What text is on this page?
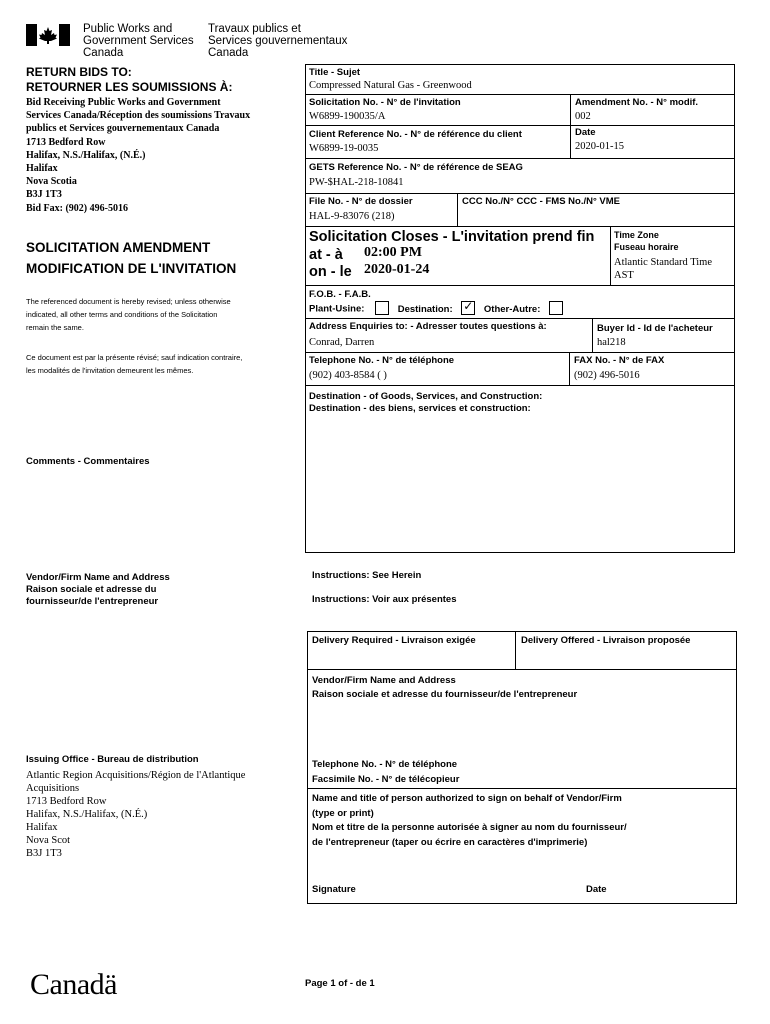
Public Works and
Government Services
Canada
Travaux publics et
Services gouvernementaux
Canada
RETURN BIDS TO:
RETOURNER LES SOUMISSIONS À:
Bid Receiving Public Works and Government
Services Canada/Réception des soumissions Travaux
publics et Services gouvernementaux Canada
1713 Bedford Row
Halifax, N.S./Halifax, (N.É.)
Halifax
Nova Scotia
B3J 1T3
Bid Fax: (902) 496-5016
SOLICITATION AMENDMENT
MODIFICATION DE L'INVITATION
The referenced document is hereby revised; unless otherwise
indicated, all other terms and conditions of the Solicitation
remain the same.
Ce document est par la présente révisé; sauf indication contraire,
les modalités de l'invitation demeurent les mêmes.
Comments - Commentaires
Vendor/Firm Name and Address
Raison sociale et adresse du
fournisseur/de l'entrepreneur
Issuing Office - Bureau de distribution
Atlantic Region Acquisitions/Région de l'Atlantique
Acquisitions
1713 Bedford Row
Halifax, N.S./Halifax, (N.É.)
Halifax
Nova Scot
B3J 1T3
Title - Sujet
Compressed Natural Gas - Greenwood
Solicitation No. - N° de l'invitation
W6899-190035/A
Amendment No. - N° modif.
002
Client Reference No. - N° de référence du client
W6899-19-0035
Date
2020-01-15
GETS Reference No. - N° de référence de SEAG
PW-$HAL-218-10841
File No. - N° de dossier
HAL-9-83076 (218)
CCC No./N° CCC - FMS No./N° VME
Solicitation Closes - L'invitation prend fin
at - à 02:00 PM
on - le 2020-01-24
Time Zone
Fuseau horaire
Atlantic Standard Time
AST
F.O.B. - F.A.B.
Plant-Usine:	Destination: ✓ Other-Autre:
Address Enquiries to: - Adresser toutes questions à:
Conrad, Darren
Buyer Id - Id de l'acheteur
hal218
Telephone No. - N° de téléphone
(902) 403-8584 ( )
FAX No. - N° de FAX
(902) 496-5016
Destination - of Goods, Services, and Construction:
Destination - des biens, services et construction:
Instructions: See Herein
Instructions: Voir aux présentes
Delivery Required - Livraison exigée	Delivery Offered - Livraison proposée
Vendor/Firm Name and Address
Raison sociale et adresse du fournisseur/de l'entrepreneur
Telephone No. - N° de téléphone
Facsimile No. - N° de télécopieur
Name and title of person authorized to sign on behalf of Vendor/Firm
(type or print)
Nom et titre de la personne autorisée à signer au nom du fournisseur/
de l'entrepreneur (taper ou écrire en caractères d'imprimerie)
Signature	Date
Canadä	Page 1 of - de 1
